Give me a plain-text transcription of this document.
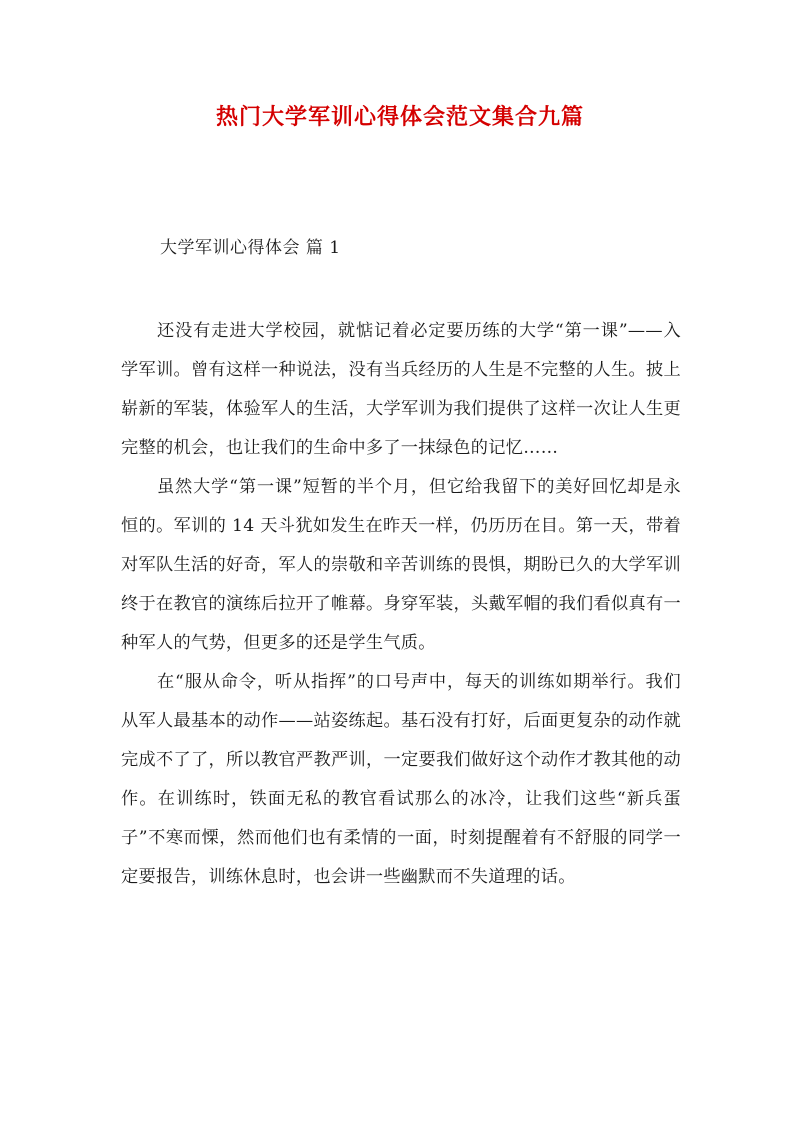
热门大学军训心得体会范文集合九篇
大学军训心得体会 篇 1

还没有走进大学校园，就惦记着必定要历练的大学“第一课”——入学军训。曾有这样一种说法，没有当兵经历的人生是不完整的人生。披上崭新的军装，体验军人的生活，大学军训为我们提供了这样一次让人生更完整的机会，也让我们的生命中多了一抹绿色的记忆……

虽然大学“第一课”短暂的半个月，但它给我留下的美好回忆却是永恒的。军训的 14 天斗犹如发生在昨天一样，仍历历在目。第一天，带着对军队生活的好奇，军人的崇敬和辛苦训练的畏惧，期盼已久的大学军训终于在教官的演练后拉开了帷幕。身穿军装，头戴军帽的我们看似真有一种军人的气势，但更多的还是学生气质。

在“服从命令，听从指挥”的口号声中，每天的训练如期举行。我们从军人最基本的动作——站姿练起。基石没有打好，后面更复杂的动作就完成不了了，所以教官严教严训，一定要我们做好这个动作才教其他的动作。在训练时，铁面无私的教官看试那么的冰冷，让我们这些“新兵蛋子”不寒而慄，然而他们也有柔情的一面，时刻提醒着有不舒服的同学一定要报告，训练休息时，也会讲一些幽默而不失道理的话。
